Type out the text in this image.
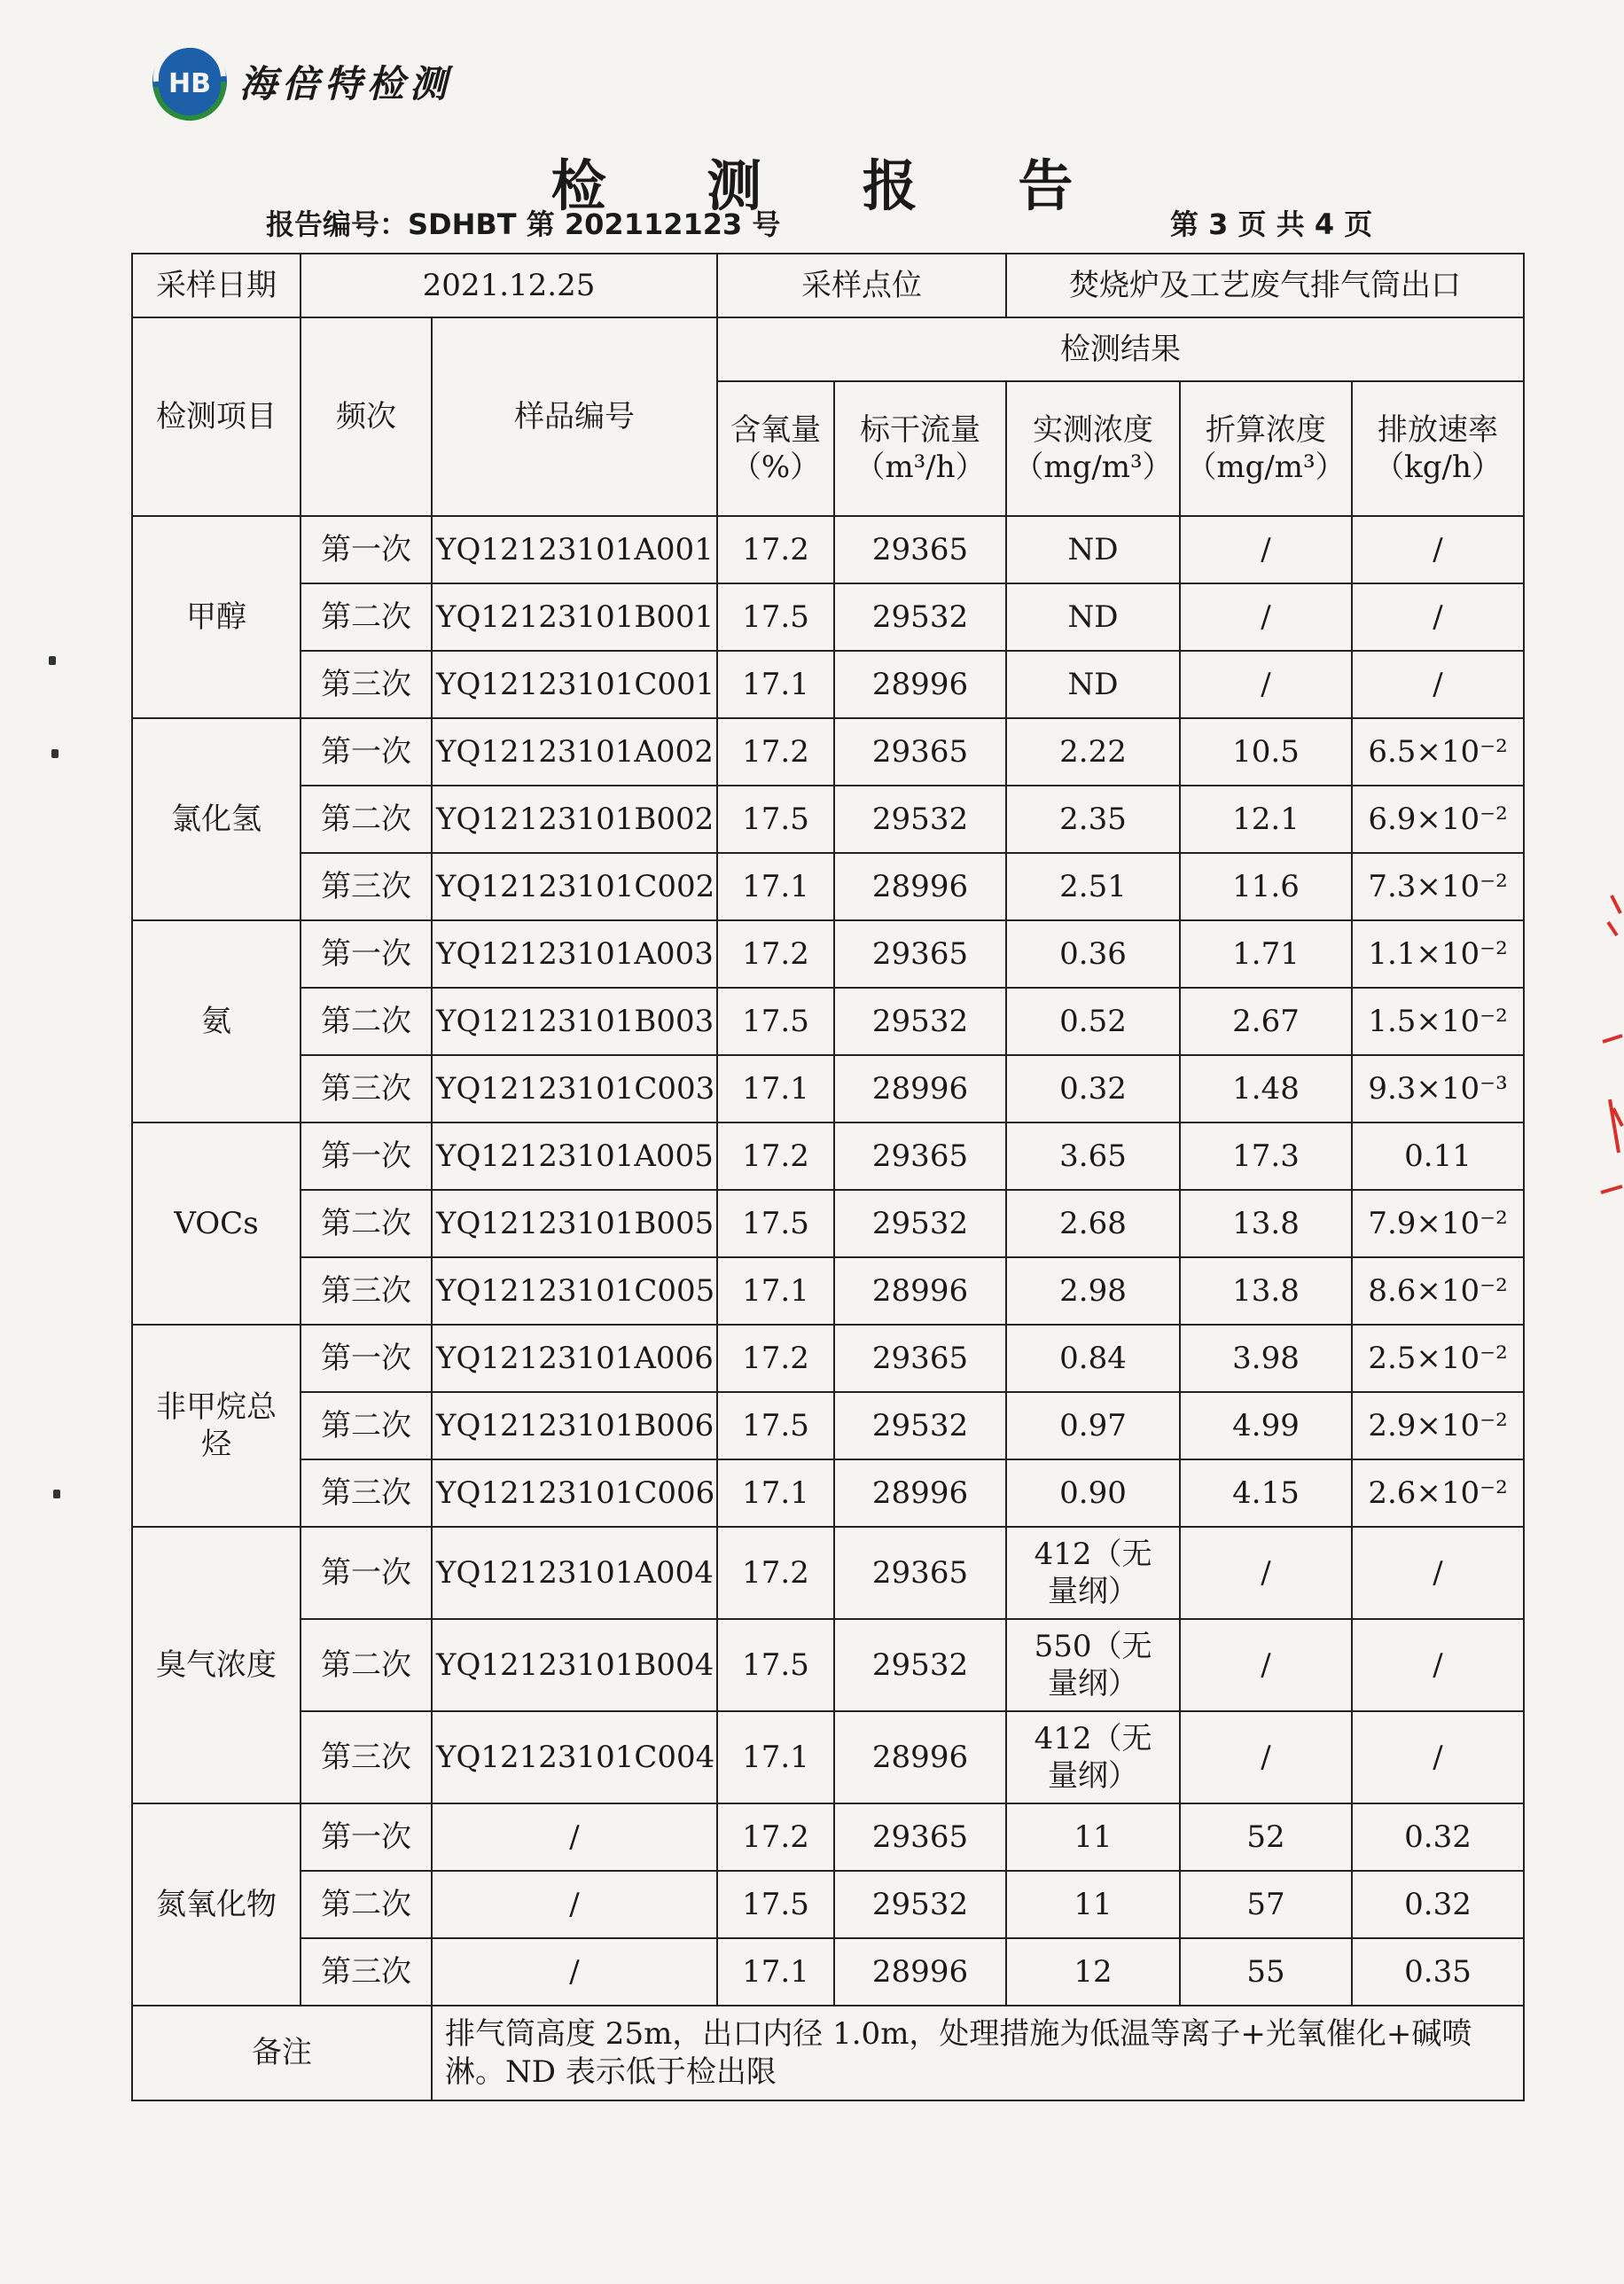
HB 海倍特检测
检 测 报 告
报告编号：SDHBT 第 202112123 号	第 3 页 共 4 页
采样日期	2021.12.25		采样点位		焚烧炉及工艺废气排气筒出口		
检测项目	频次	样品编号	检测结果				
			含氧量（%）	标干流量（m³/h）	实测浓度（mg/m³）	折算浓度（mg/m³）	排放速率（kg/h）
甲醇	第一次	YQ12123101A001	17.2	29365	ND	/	/
	第二次	YQ12123101B001	17.5	29532	ND	/	/
	第三次	YQ12123101C001	17.1	28996	ND	/	/
氯化氢	第一次	YQ12123101A002	17.2	29365	2.22	10.5	6.5×10⁻²
	第二次	YQ12123101B002	17.5	29532	2.35	12.1	6.9×10⁻²
	第三次	YQ12123101C002	17.1	28996	2.51	11.6	7.3×10⁻²
氨	第一次	YQ12123101A003	17.2	29365	0.36	1.71	1.1×10⁻²
	第二次	YQ12123101B003	17.5	29532	0.52	2.67	1.5×10⁻²
	第三次	YQ12123101C003	17.1	28996	0.32	1.48	9.3×10⁻³
VOCs	第一次	YQ12123101A005	17.2	29365	3.65	17.3	0.11
	第二次	YQ12123101B005	17.5	29532	2.68	13.8	7.9×10⁻²
	第三次	YQ12123101C005	17.1	28996	2.98	13.8	8.6×10⁻²
非甲烷总烃	第一次	YQ12123101A006	17.2	29365	0.84	3.98	2.5×10⁻²
	第二次	YQ12123101B006	17.5	29532	0.97	4.99	2.9×10⁻²
	第三次	YQ12123101C006	17.1	28996	0.90	4.15	2.6×10⁻²
臭气浓度	第一次	YQ12123101A004	17.2	29365	412（无量纲）	/	/
	第二次	YQ12123101B004	17.5	29532	550（无量纲）	/	/
	第三次	YQ12123101C004	17.1	28996	412（无量纲）	/	/
氮氧化物	第一次	/	17.2	29365	11	52	0.32
	第二次	/	17.5	29532	11	57	0.32
	第三次	/	17.1	28996	12	55	0.35
备注		排气筒高度 25m，出口内径 1.0m，处理措施为低温等离子+光氧催化+碱喷淋。ND 表示低于检出限					
